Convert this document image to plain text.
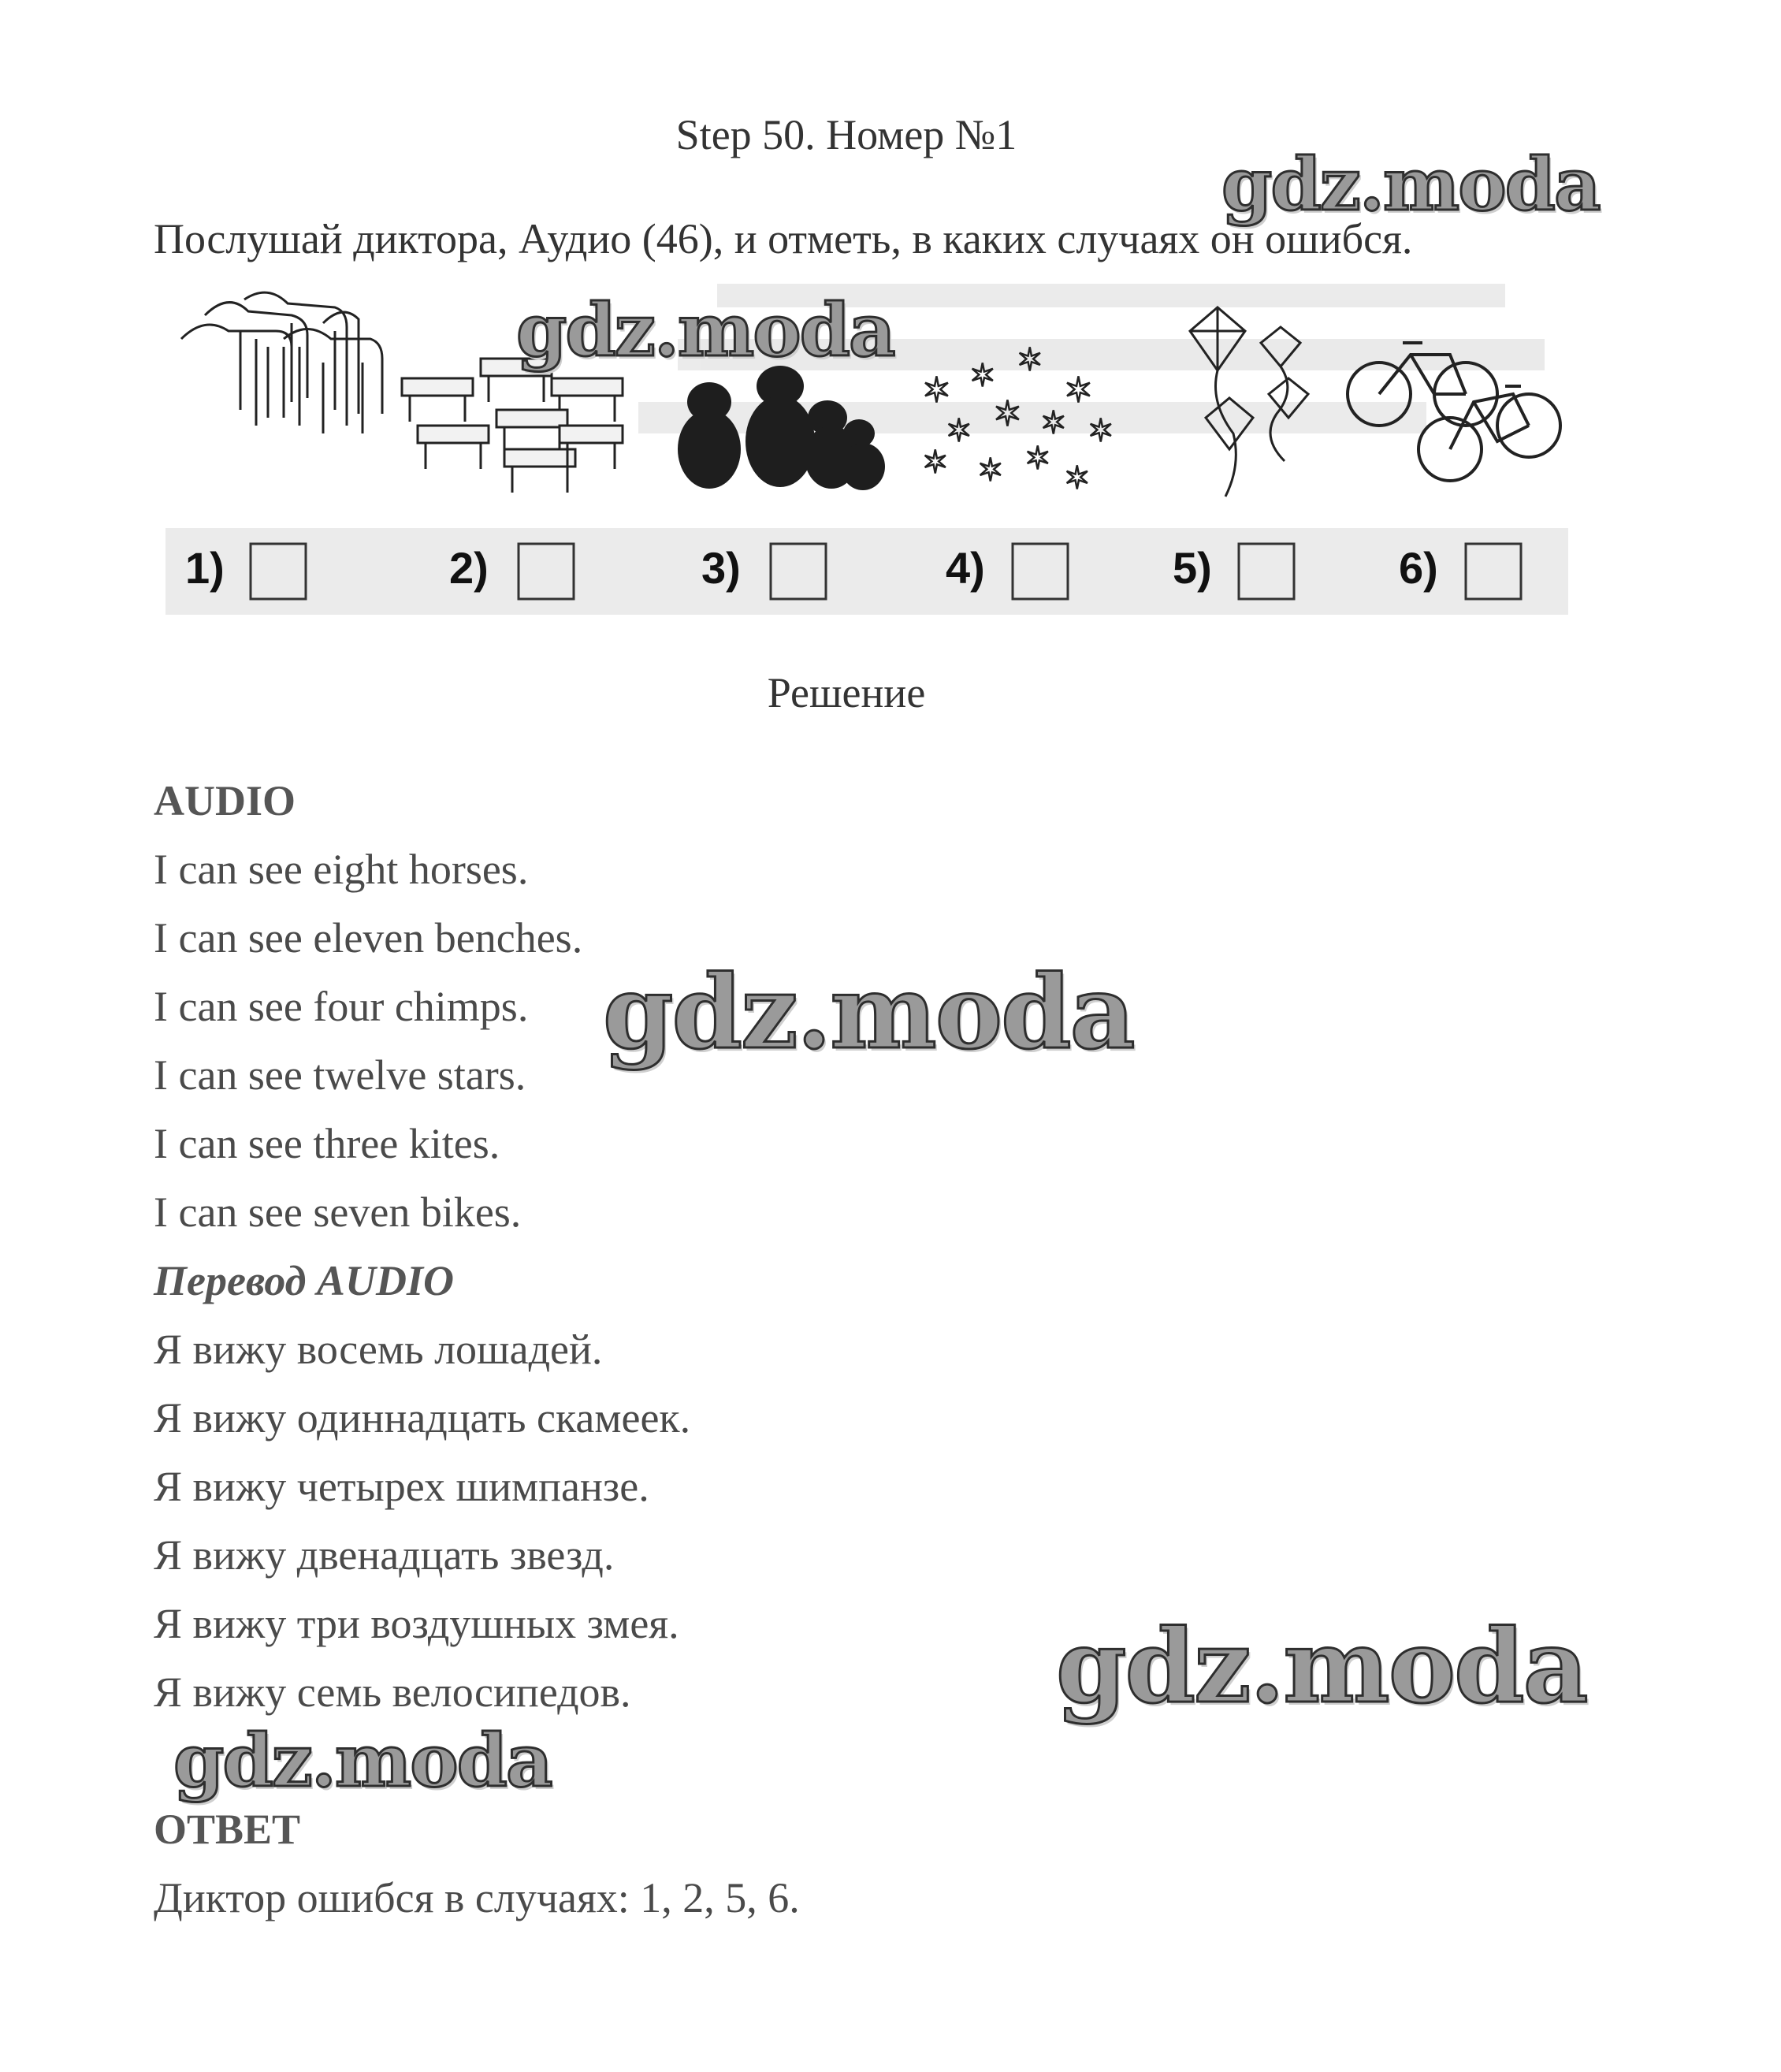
Step 50. Номер №1
Послушай диктора, Аудио (46), и отметь, в каких случаях он ошибся.
✶ ✶ ✶
✶
✶ ✶ ✶ ✶
✶ ✶ ✶
✶
1)	2)	3)	4)	5)	6)
Решение
AUDIO
I can see eight horses.
I can see eleven benches.
I can see four chimps.
I can see twelve stars.
I can see three kites.
I can see seven bikes.
Перевод AUDIO
Я вижу восемь лошадей.
Я вижу одиннадцать скамеек.
Я вижу четырех шимпанзе.
Я вижу двенадцать звезд.
Я вижу три воздушных змея.
Я вижу семь велосипедов.
ОТВЕТ
Диктор ошибся в случаях: 1, 2, 5, 6.
gdz.moda
gdz.moda
gdz.moda
gdz.moda
gdz.moda
